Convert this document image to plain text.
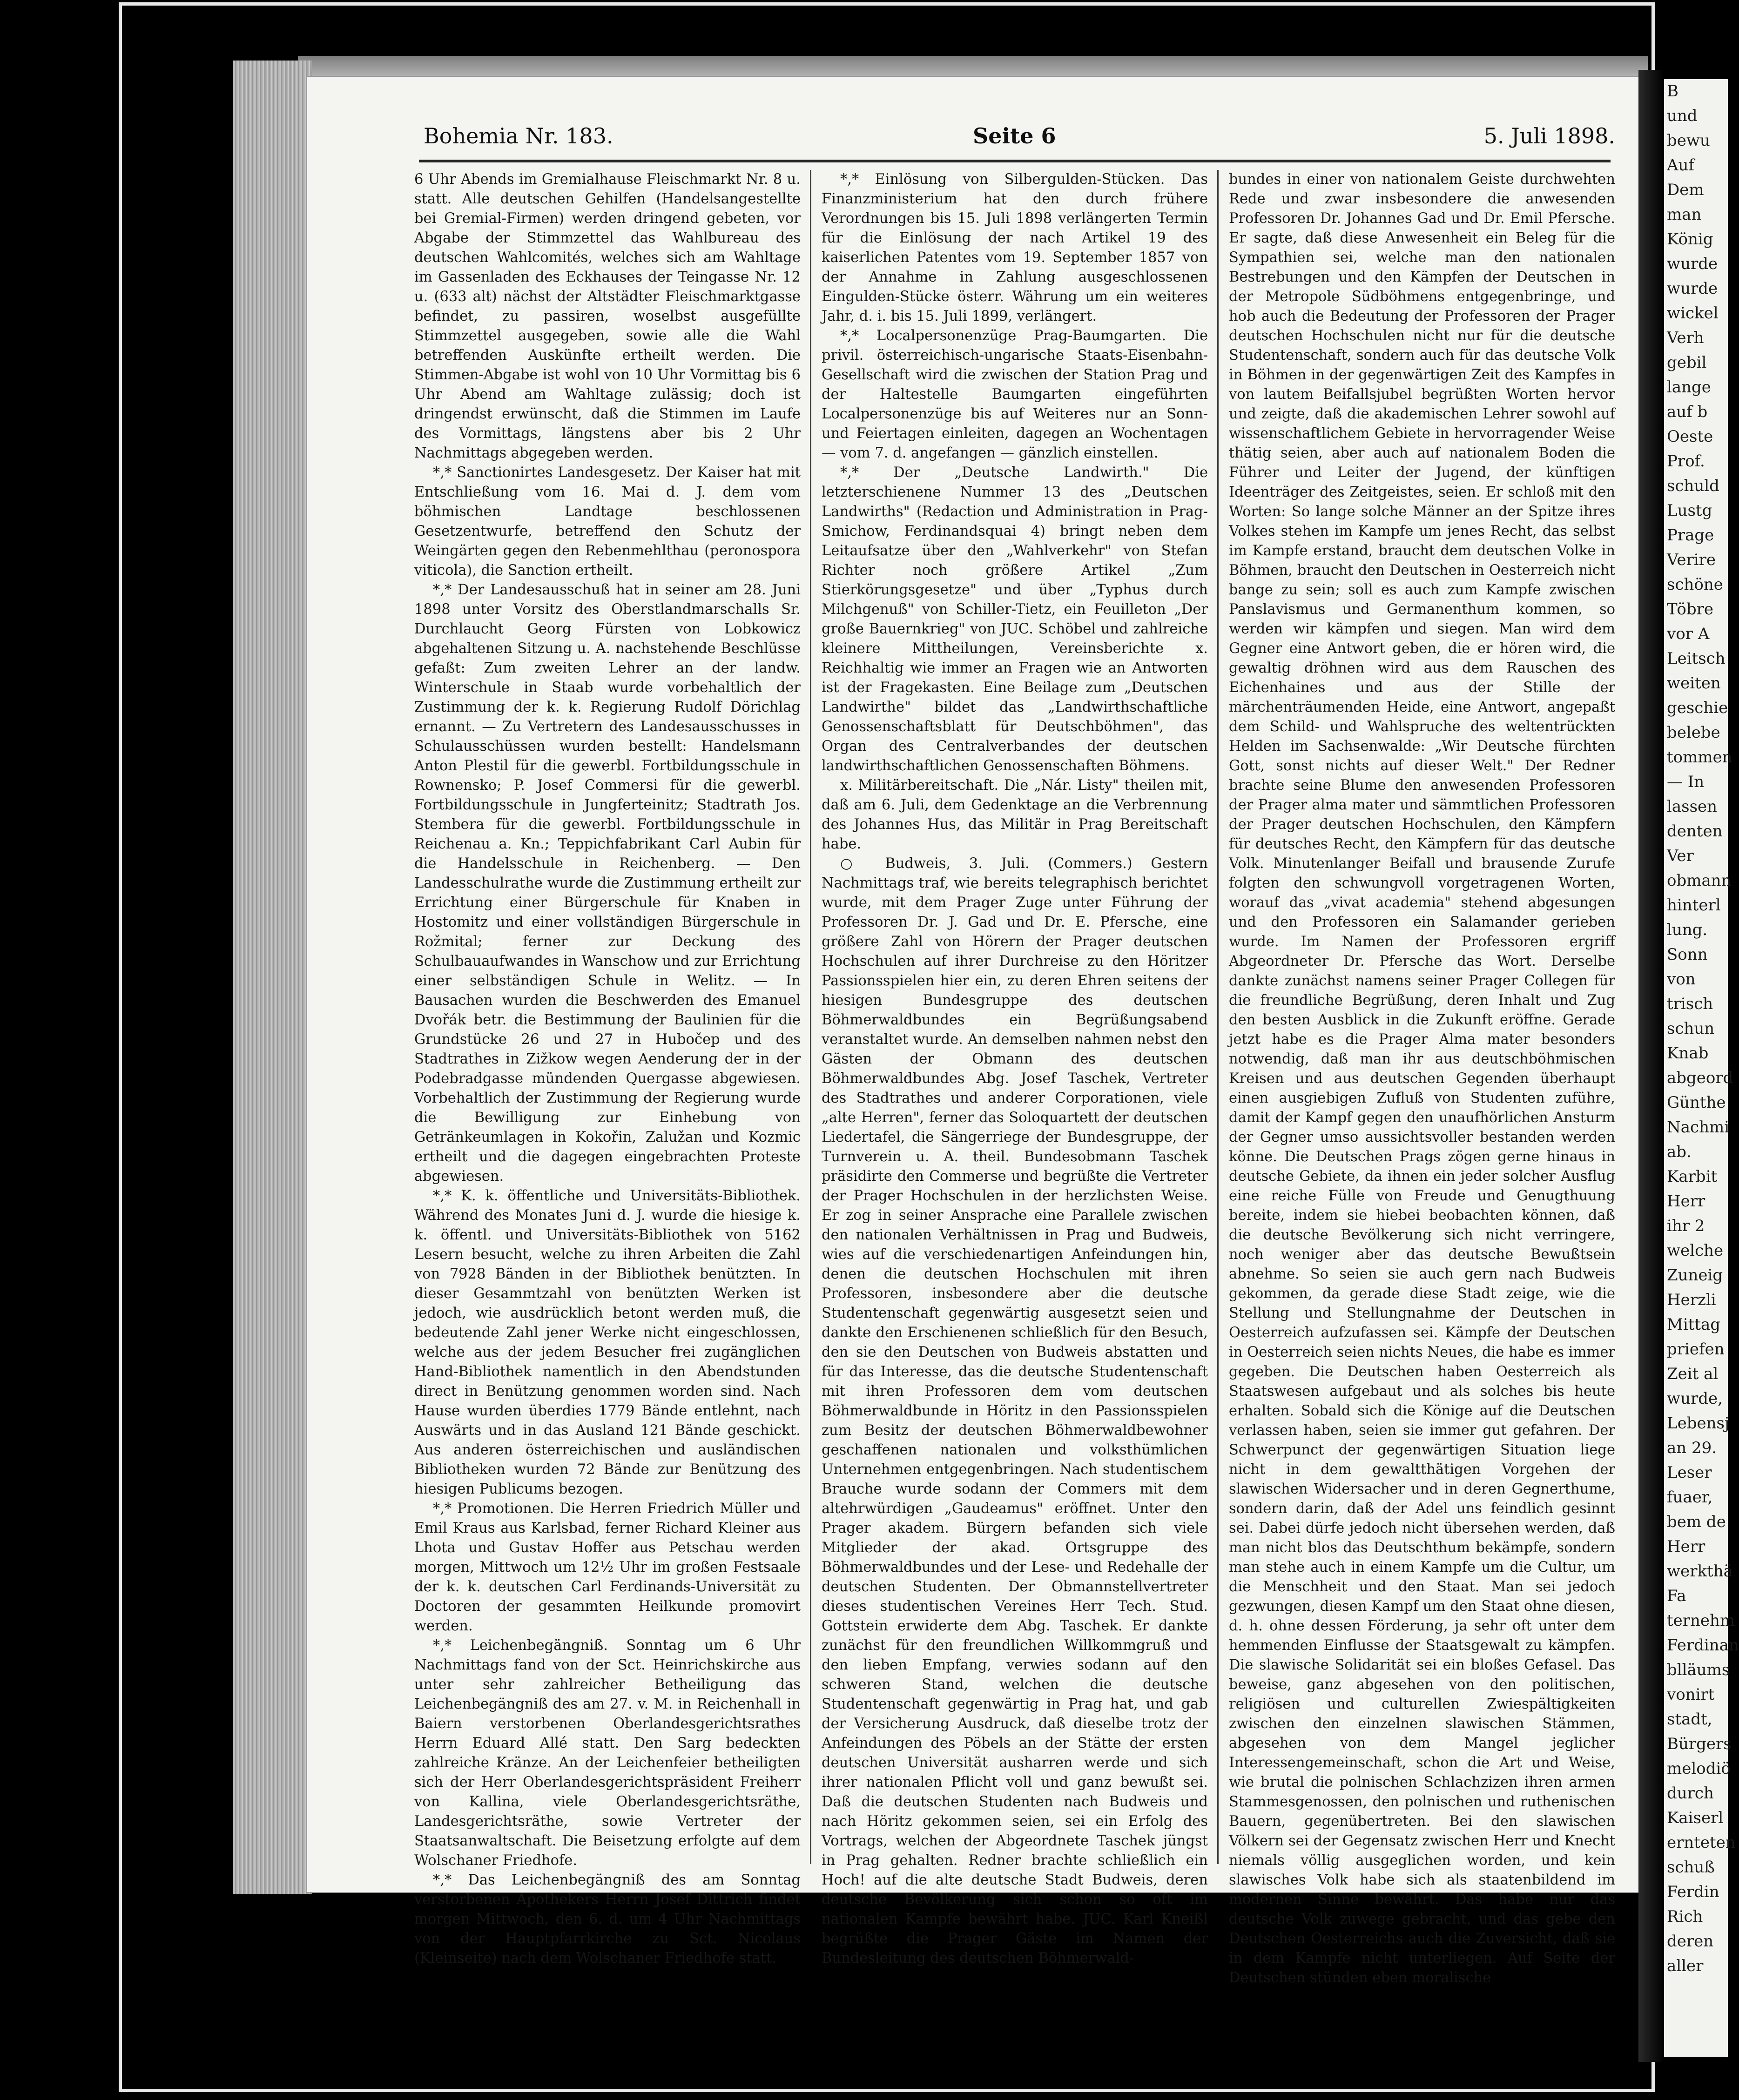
Bohemia Nr. 183.	Seite 6	5. Juli 1898.

6 Uhr Abends im Gremialhause Fleischmarkt Nr. 8 u. statt. Alle deutschen Gehilfen (Handelsangestellte bei Gremial-Firmen) werden dringend gebeten, vor Abgabe der Stimmzettel das Wahlbureau des deutschen Wahlcomités, welches sich am Wahltage im Gassenladen des Eckhauses der Teingasse Nr. 12 u. (633 alt) nächst der Altstädter Fleischmarktgasse befindet, zu passiren, woselbst ausgefüllte Stimmzettel ausgegeben, sowie alle die Wahl betreffenden Auskünfte ertheilt werden. Die Stimmen-Abgabe ist wohl von 10 Uhr Vormittag bis 6 Uhr Abend am Wahltage zulässig; doch ist dringendst erwünscht, daß die Stimmen im Laufe des Vormittags, längstens aber bis 2 Uhr Nachmittags abgegeben werden.

*,* Sanctionirtes Landesgesetz. Der Kaiser hat mit Entschließung vom 16. Mai d. J. dem vom böhmischen Landtage beschlossenen Gesetzentwurfe, betreffend den Schutz der Weingärten gegen den Rebenmehlthau (peronospora viticola), die Sanction ertheilt.

*,* Der Landesausschuß hat in seiner am 28. Juni 1898 unter Vorsitz des Oberstlandmarschalls Sr. Durchlaucht Georg Fürsten von Lobkowicz abgehaltenen Sitzung u. A. nachstehende Beschlüsse gefaßt: Zum zweiten Lehrer an der landw. Winterschule in Staab wurde vorbehaltlich der Zustimmung der k. k. Regierung Rudolf Dörichlag ernannt. — Zu Vertretern des Landesausschusses in Schulausschüssen wurden bestellt: Handelsmann Anton Plestil für die gewerbl. Fortbildungsschule in Rownensko; P. Josef Commersi für die gewerbl. Fortbildungsschule in Jungferteinitz; Stadtrath Jos. Stembera für die gewerbl. Fortbildungsschule in Reichenau a. Kn.; Teppichfabrikant Carl Aubin für die Handelsschule in Reichenberg. — Den Landesschulrathe wurde die Zustimmung ertheilt zur Errichtung einer Bürgerschule für Knaben in Hostomitz und einer vollständigen Bürgerschule in Rožmital; ferner zur Deckung des Schulbauaufwandes in Wanschow und zur Errichtung einer selbständigen Schule in Welitz. — In Bausachen wurden die Beschwerden des Emanuel Dvořák betr. die Bestimmung der Baulinien für die Grundstücke 26 und 27 in Hubočep und des Stadtrathes in Zižkow wegen Aenderung der in der Podebradgasse mündenden Quergasse abgewiesen. Vorbehaltlich der Zustimmung der Regierung wurde die Bewilligung zur Einhebung von Getränkeumlagen in Kokořin, Zalužan und Kozmic ertheilt und die dagegen eingebrachten Proteste abgewiesen.

*,* K. k. öffentliche und Universitäts-Bibliothek. Während des Monates Juni d. J. wurde die hiesige k. k. öffentl. und Universitäts-Bibliothek von 5162 Lesern besucht, welche zu ihren Arbeiten die Zahl von 7928 Bänden in der Bibliothek benützten. In dieser Gesammtzahl von benützten Werken ist jedoch, wie ausdrücklich betont werden muß, die bedeutende Zahl jener Werke nicht eingeschlossen, welche aus der jedem Besucher frei zugänglichen Hand-Bibliothek namentlich in den Abendstunden direct in Benützung genommen worden sind. Nach Hause wurden überdies 1779 Bände entlehnt, nach Auswärts und in das Ausland 121 Bände geschickt. Aus anderen österreichischen und ausländischen Bibliotheken wurden 72 Bände zur Benützung des hiesigen Publicums bezogen.

*,* Promotionen. Die Herren Friedrich Müller und Emil Kraus aus Karlsbad, ferner Richard Kleiner aus Lhota und Gustav Hoffer aus Petschau werden morgen, Mittwoch um 12½ Uhr im großen Festsaale der k. k. deutschen Carl Ferdinands-Universität zu Doctoren der gesammten Heilkunde promovirt werden.

*,* Leichenbegängniß. Sonntag um 6 Uhr Nachmittags fand von der Sct. Heinrichskirche aus unter sehr zahlreicher Betheiligung das Leichenbegängniß des am 27. v. M. in Reichenhall in Baiern verstorbenen Oberlandesgerichtsrathes Herrn Eduard Allé statt. Den Sarg bedeckten zahlreiche Kränze. An der Leichenfeier betheiligten sich der Herr Oberlandesgerichtspräsident Freiherr von Kallina, viele Oberlandesgerichtsräthe, Landesgerichtsräthe, sowie Vertreter der Staatsanwaltschaft. Die Beisetzung erfolgte auf dem Wolschaner Friedhofe.

*,* Das Leichenbegängniß des am Sonntag verstorbenen Apothekers Herrn Josef Dittrich findet morgen Mittwoch, den 6. d. um 4 Uhr Nachmittags von der Hauptpfarrkirche zu Sct. Nicolaus (Kleinseite) nach dem Wolschaner Friedhofe statt.

*,* Einlösung von Silbergulden-Stücken. Das Finanzministerium hat den durch frühere Verordnungen bis 15. Juli 1898 verlängerten Termin für die Einlösung der nach Artikel 19 des kaiserlichen Patentes vom 19. September 1857 von der Annahme in Zahlung ausgeschlossenen Eingulden-Stücke österr. Währung um ein weiteres Jahr, d. i. bis 15. Juli 1899, verlängert.

*,* Localpersonenzüge Prag-Baumgarten. Die privil. österreichisch-ungarische Staats-Eisenbahn-Gesellschaft wird die zwischen der Station Prag und der Haltestelle Baumgarten eingeführten Localpersonenzüge bis auf Weiteres nur an Sonn- und Feiertagen einleiten, dagegen an Wochentagen — vom 7. d. angefangen — gänzlich einstellen.

*,* Der „Deutsche Landwirth." Die letzterschienene Nummer 13 des „Deutschen Landwirths" (Redaction und Administration in Prag-Smichow, Ferdinandsquai 4) bringt neben dem Leitaufsatze über den „Wahlverkehr" von Stefan Richter noch größere Artikel „Zum Stierkörungsgesetze" und über „Typhus durch Milchgenuß" von Schiller-Tietz, ein Feuilleton „Der große Bauernkrieg" von JUC. Schöbel und zahlreiche kleinere Mittheilungen, Vereinsberichte x. Reichhaltig wie immer an Fragen wie an Antworten ist der Fragekasten. Eine Beilage zum „Deutschen Landwirthe" bildet das „Landwirthschaftliche Genossenschaftsblatt für Deutschböhmen", das Organ des Centralverbandes der deutschen landwirthschaftlichen Genossenschaften Böhmens.

x. Militärbereitschaft. Die „Nár. Listy" theilen mit, daß am 6. Juli, dem Gedenktage an die Verbrennung des Johannes Hus, das Militär in Prag Bereitschaft habe.

○ Budweis, 3. Juli. (Commers.) Gestern Nachmittags traf, wie bereits telegraphisch berichtet wurde, mit dem Prager Zuge unter Führung der Professoren Dr. J. Gad und Dr. E. Pfersche, eine größere Zahl von Hörern der Prager deutschen Hochschulen auf ihrer Durchreise zu den Höritzer Passionsspielen hier ein, zu deren Ehren seitens der hiesigen Bundesgruppe des deutschen Böhmerwaldbundes ein Begrüßungsabend veranstaltet wurde. An demselben nahmen nebst den Gästen der Obmann des deutschen Böhmerwaldbundes Abg. Josef Taschek, Vertreter des Stadtrathes und anderer Corporationen, viele „alte Herren", ferner das Soloquartett der deutschen Liedertafel, die Sängerriege der Bundesgruppe, der Turnverein u. A. theil. Bundesobmann Taschek präsidirte den Commerse und begrüßte die Vertreter der Prager Hochschulen in der herzlichsten Weise. Er zog in seiner Ansprache eine Parallele zwischen den nationalen Verhältnissen in Prag und Budweis, wies auf die verschiedenartigen Anfeindungen hin, denen die deutschen Hochschulen mit ihren Professoren, insbesondere aber die deutsche Studentenschaft gegenwärtig ausgesetzt seien und dankte den Erschienenen schließlich für den Besuch, den sie den Deutschen von Budweis abstatten und für das Interesse, das die deutsche Studentenschaft mit ihren Professoren dem vom deutschen Böhmerwaldbunde in Höritz in den Passionsspielen zum Besitz der deutschen Böhmerwaldbewohner geschaffenen nationalen und volksthümlichen Unternehmen entgegenbringen. Nach studentischem Brauche wurde sodann der Commers mit dem altehrwürdigen „Gaudeamus" eröffnet. Unter den Prager akadem. Bürgern befanden sich viele Mitglieder der akad. Ortsgruppe des Böhmerwaldbundes und der Lese- und Redehalle der deutschen Studenten. Der Obmannstellvertreter dieses studentischen Vereines Herr Tech. Stud. Gottstein erwiderte dem Abg. Taschek. Er dankte zunächst für den freundlichen Willkommgruß und den lieben Empfang, verwies sodann auf den schweren Stand, welchen die deutsche Studentenschaft gegenwärtig in Prag hat, und gab der Versicherung Ausdruck, daß dieselbe trotz der Anfeindungen des Pöbels an der Stätte der ersten deutschen Universität ausharren werde und sich ihrer nationalen Pflicht voll und ganz bewußt sei. Daß die deutschen Studenten nach Budweis und nach Höritz gekommen seien, sei ein Erfolg des Vortrags, welchen der Abgeordnete Taschek jüngst in Prag gehalten. Redner brachte schließlich ein Hoch! auf die alte deutsche Stadt Budweis, deren deutsche Bevölkerung sich schon so oft im nationalen Kampfe bewährt habe. JUC. Karl Kneißl begrüßte die Prager Gäste im Namen der Bundesleitung des deutschen Böhmerwald-

bundes in einer von nationalem Geiste durchwehten Rede und zwar insbesondere die anwesenden Professoren Dr. Johannes Gad und Dr. Emil Pfersche. Er sagte, daß diese Anwesenheit ein Beleg für die Sympathien sei, welche man den nationalen Bestrebungen und den Kämpfen der Deutschen in der Metropole Südböhmens entgegenbringe, und hob auch die Bedeutung der Professoren der Prager deutschen Hochschulen nicht nur für die deutsche Studentenschaft, sondern auch für das deutsche Volk in Böhmen in der gegenwärtigen Zeit des Kampfes in von lautem Beifallsjubel begrüßten Worten hervor und zeigte, daß die akademischen Lehrer sowohl auf wissenschaftlichem Gebiete in hervorragender Weise thätig seien, aber auch auf nationalem Boden die Führer und Leiter der Jugend, der künftigen Ideenträger des Zeitgeistes, seien. Er schloß mit den Worten: So lange solche Männer an der Spitze ihres Volkes stehen im Kampfe um jenes Recht, das selbst im Kampfe erstand, braucht dem deutschen Volke in Böhmen, braucht den Deutschen in Oesterreich nicht bange zu sein; soll es auch zum Kampfe zwischen Panslavismus und Germanenthum kommen, so werden wir kämpfen und siegen. Man wird dem Gegner eine Antwort geben, die er hören wird, die gewaltig dröhnen wird aus dem Rauschen des Eichenhaines und aus der Stille der märchenträumenden Heide, eine Antwort, angepaßt dem Schild- und Wahlspruche des weltentrückten Helden im Sachsenwalde: „Wir Deutsche fürchten Gott, sonst nichts auf dieser Welt." Der Redner brachte seine Blume den anwesenden Professoren der Prager alma mater und sämmtlichen Professoren der Prager deutschen Hochschulen, den Kämpfern für deutsches Recht, den Kämpfern für das deutsche Volk. Minutenlanger Beifall und brausende Zurufe folgten den schwungvoll vorgetragenen Worten, worauf das „vivat academia" stehend abgesungen und den Professoren ein Salamander gerieben wurde. Im Namen der Professoren ergriff Abgeordneter Dr. Pfersche das Wort. Derselbe dankte zunächst namens seiner Prager Collegen für die freundliche Begrüßung, deren Inhalt und Zug den besten Ausblick in die Zukunft eröffne. Gerade jetzt habe es die Prager Alma mater besonders notwendig, daß man ihr aus deutschböhmischen Kreisen und aus deutschen Gegenden überhaupt einen ausgiebigen Zufluß von Studenten zuführe, damit der Kampf gegen den unaufhörlichen Ansturm der Gegner umso aussichtsvoller bestanden werden könne. Die Deutschen Prags zögen gerne hinaus in deutsche Gebiete, da ihnen ein jeder solcher Ausflug eine reiche Fülle von Freude und Genugthuung bereite, indem sie hiebei beobachten können, daß die deutsche Bevölkerung sich nicht verringere, noch weniger aber das deutsche Bewußtsein abnehme. So seien sie auch gern nach Budweis gekommen, da gerade diese Stadt zeige, wie die Stellung und Stellungnahme der Deutschen in Oesterreich aufzufassen sei. Kämpfe der Deutschen in Oesterreich seien nichts Neues, die habe es immer gegeben. Die Deutschen haben Oesterreich als Staatswesen aufgebaut und als solches bis heute erhalten. Sobald sich die Könige auf die Deutschen verlassen haben, seien sie immer gut gefahren. Der Schwerpunct der gegenwärtigen Situation liege nicht in dem gewaltthätigen Vorgehen der slawischen Widersacher und in deren Gegnerthume, sondern darin, daß der Adel uns feindlich gesinnt sei. Dabei dürfe jedoch nicht übersehen werden, daß man nicht blos das Deutschthum bekämpfe, sondern man stehe auch in einem Kampfe um die Cultur, um die Menschheit und den Staat. Man sei jedoch gezwungen, diesen Kampf um den Staat ohne diesen, d. h. ohne dessen Förderung, ja sehr oft unter dem hemmenden Einflusse der Staatsgewalt zu kämpfen. Die slawische Solidarität sei ein bloßes Gefasel. Das beweise, ganz abgesehen von den politischen, religiösen und culturellen Zwiespältigkeiten zwischen den einzelnen slawischen Stämmen, abgesehen von dem Mangel jeglicher Interessengemeinschaft, schon die Art und Weise, wie brutal die polnischen Schlachzizen ihren armen Stammesgenossen, den polnischen und ruthenischen Bauern, gegenübertreten. Bei den slawischen Völkern sei der Gegensatz zwischen Herr und Knecht niemals völlig ausgeglichen worden, und kein slawisches Volk habe sich als staatenbildend im modernen Sinne bewährt. Das habe nur das deutsche Volk zuwege gebracht, und das gebe den Deutschen Oesterreichs auch die Zuversicht, daß sie in dem Kampfe nicht unterliegen. Auf Seite der Deutschen stünden eben moralische

B
und
bewu
Auf
Dem
man
König
wurde
wurde
wickel
Verh
gebil
lange
auf b
Oeste
Prof.
schuld
Lustg
Prage
Verire
schöne
Töbre
vor A
Leitsch
weiten
geschie
belebe
tommen
— In
lassen
denten
Ver
obmann
hinterl
lung.
Sonn
von
trisch
schun
Knab
abgeord
Günthe
Nachmi
ab.
Karbit
Herr
ihr 2
welche
Zuneig
Herzli
Mittag
priefen
Zeit al
wurde,
Lebensj
an 29.
Leser
fuaer,
bem de
Herr
werkthä
Fa
ternehm
Ferdinan
blläums
vonirt
stadt,
Bürgers
melodiö
durch
Kaiserl
ernteten
schuß
Ferdin
Rich
deren
aller
